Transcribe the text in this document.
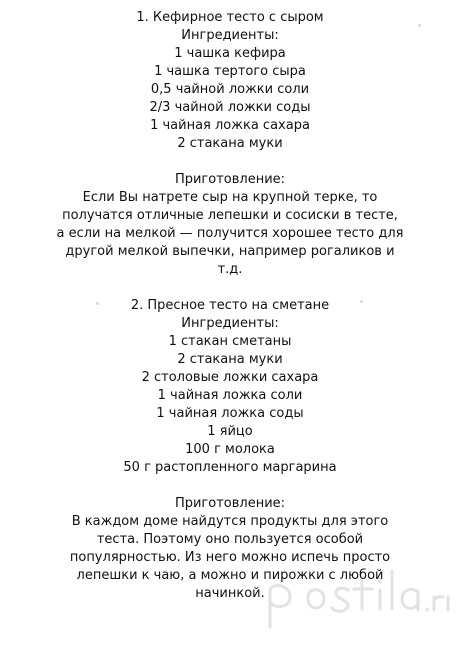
1. Кефирное тесто с сыром
Ингредиенты:
1 чашка кефира
1 чашка тертого сыра
0,5 чайной ложки соли
2/3 чайной ложки соды
1 чайная ложка сахара
2 стакана муки
Приготовление:
Если Вы натрете сыр на крупной терке, то
получатся отличные лепешки и сосиски в тесте,
а если на мелкой — получится хорошее тесто для
другой мелкой выпечки, например рогаликов и
т.д.
2. Пресное тесто на сметане
Ингредиенты:
1 стакан сметаны
2 стакана муки
2 столовые ложки сахара
1 чайная ложка соли
1 чайная ложка соды
1 яйцо
100 г молока
50 г растопленного маргарина
Приготовление:
В каждом доме найдутся продукты для этого
теста. Поэтому оно пользуется особой
популярностью. Из него можно испечь просто
лепешки к чаю, а можно и пирожки с любой
начинкой.
